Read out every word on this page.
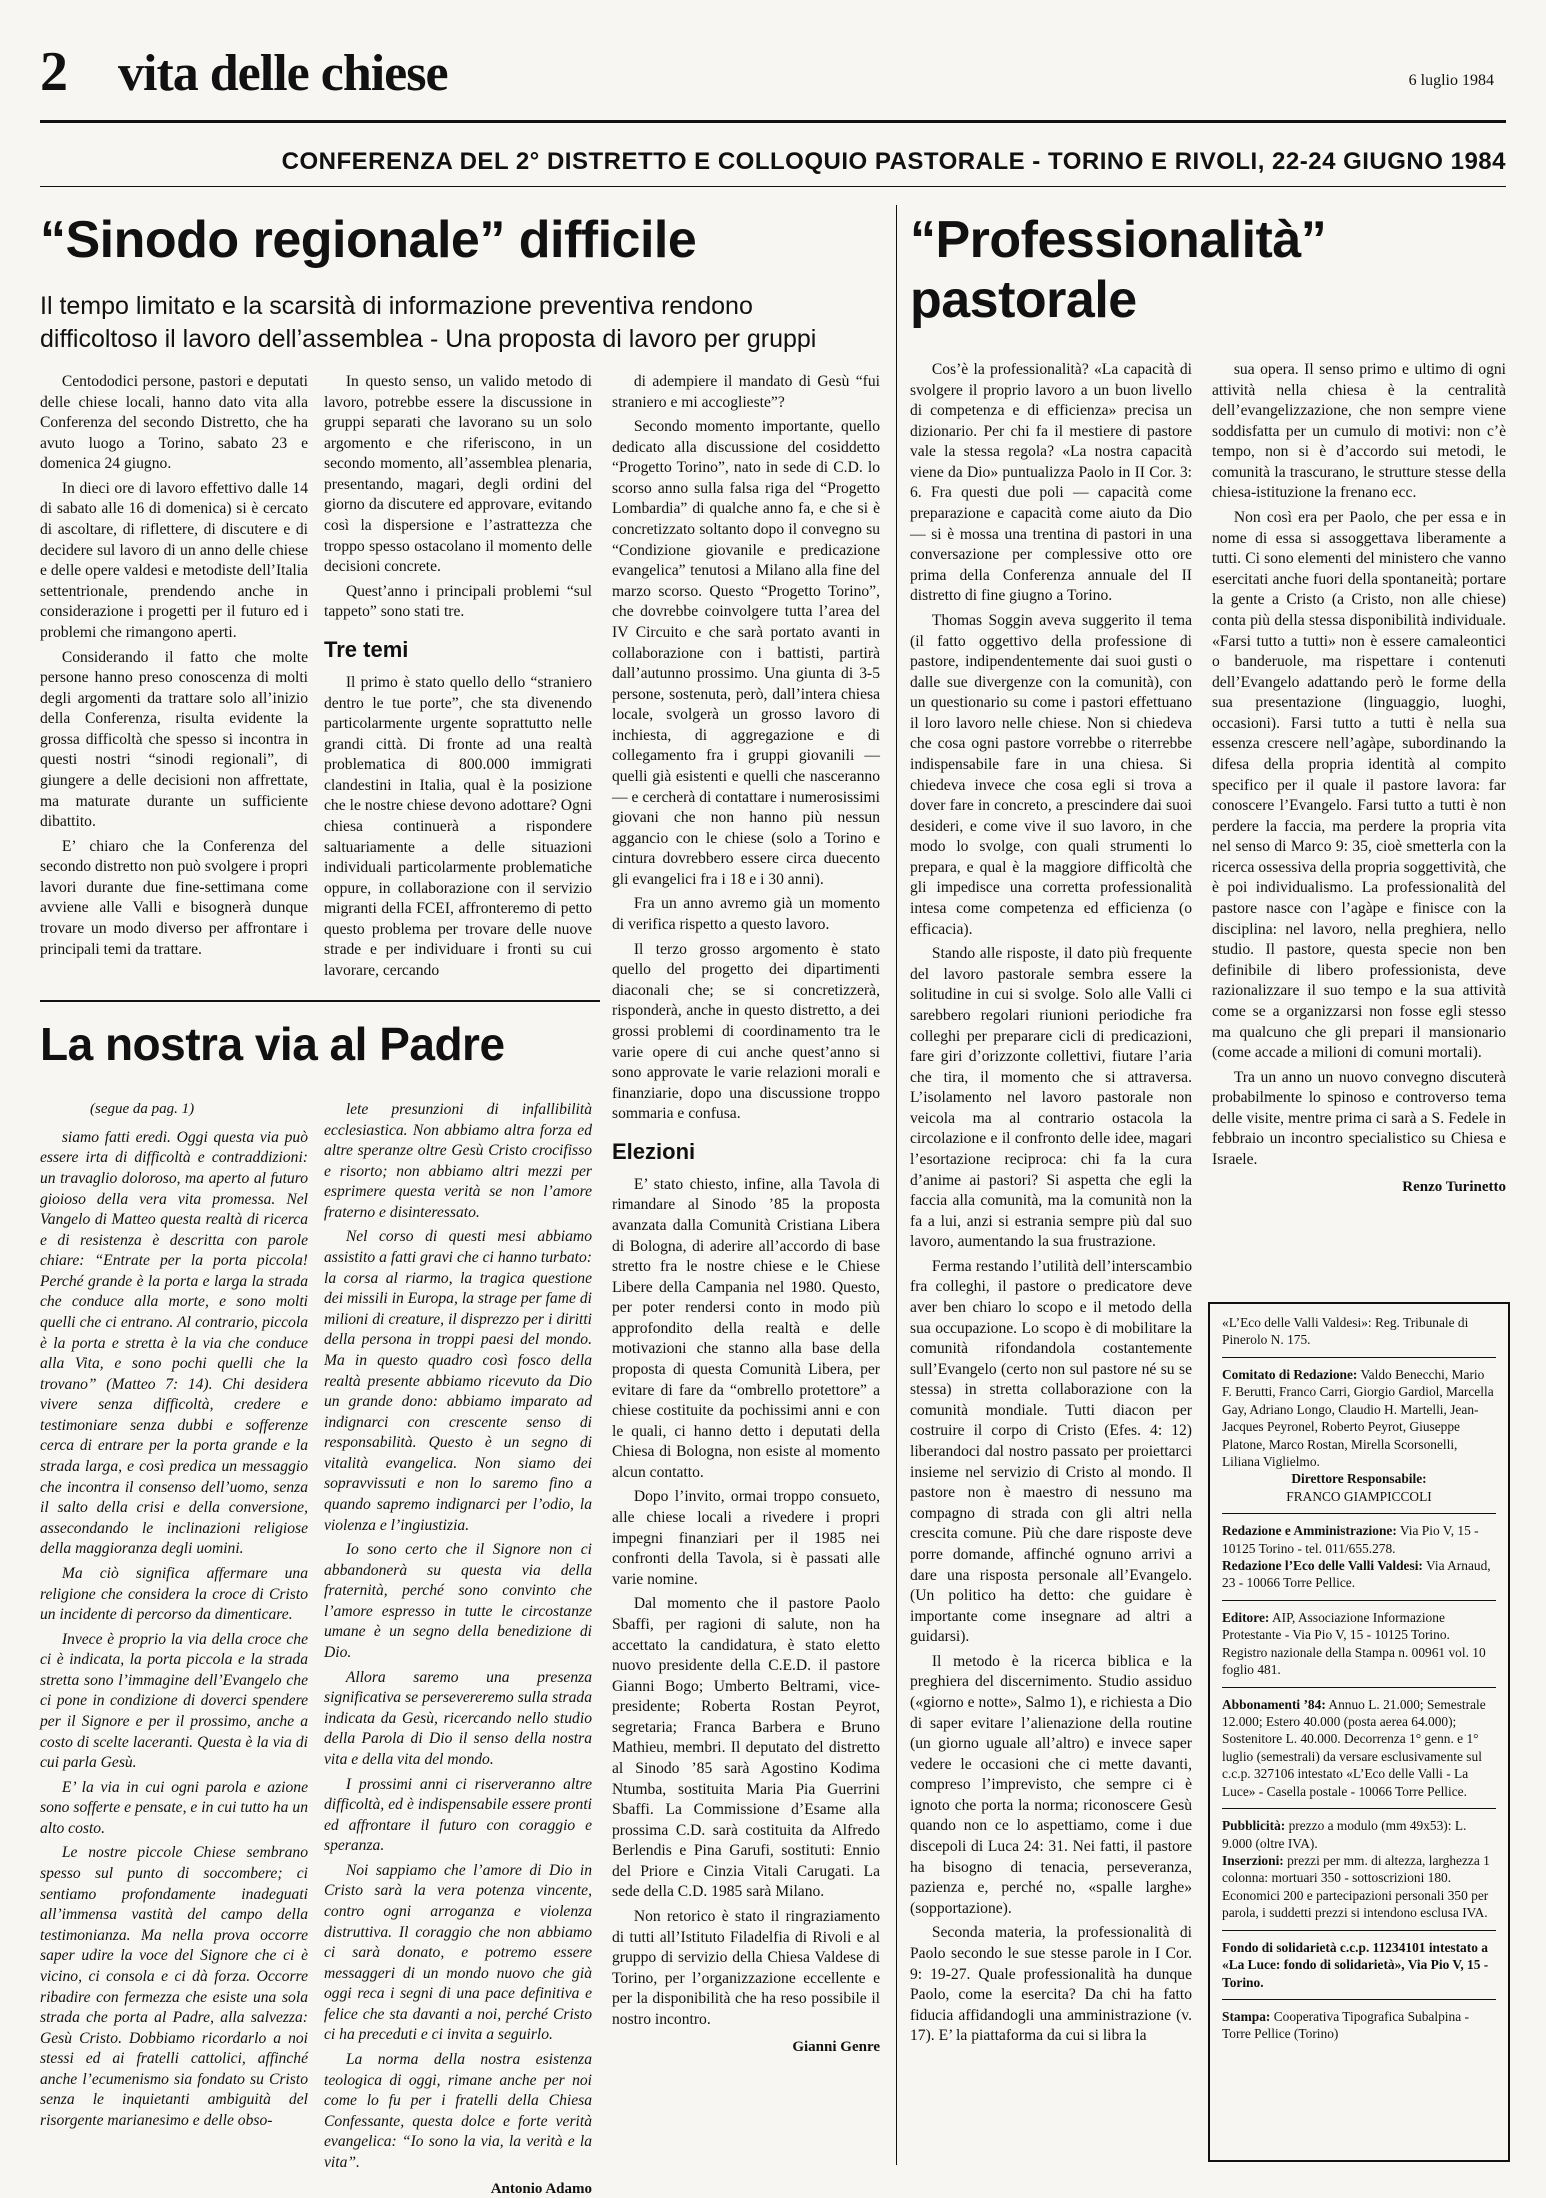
2 vita delle chiese	6 luglio 1984
CONFERENZA DEL 2° DISTRETTO E COLLOQUIO PASTORALE - TORINO E RIVOLI, 22-24 GIUGNO 1984
“Sinodo regionale” difficile
Il tempo limitato e la scarsità di informazione preventiva rendono difficoltoso il lavoro dell’assemblea - Una proposta di lavoro per gruppi

Centododici persone, pastori e deputati delle chiese locali, hanno dato vita alla Conferenza del secondo Distretto, che ha avuto luogo a Torino, sabato 23 e domenica 24 giugno.

In dieci ore di lavoro effettivo dalle 14 di sabato alle 16 di domenica) si è cercato di ascoltare, di riflettere, di discutere e di decidere sul lavoro di un anno delle chiese e delle opere valdesi e metodiste dell’Italia settentrionale, prendendo anche in considerazione i progetti per il futuro ed i problemi che rimangono aperti.

Considerando il fatto che molte persone hanno preso conoscenza di molti degli argomenti da trattare solo all’inizio della Conferenza, risulta evidente la grossa difficoltà che spesso si incontra in questi nostri “sinodi regionali”, di giungere a delle decisioni non affrettate, ma maturate durante un sufficiente dibattito.

E’ chiaro che la Conferenza del secondo distretto non può svolgere i propri lavori durante due fine-settimana come avviene alle Valli e bisognerà dunque trovare un modo diverso per affrontare i principali temi da trattare.

In questo senso, un valido metodo di lavoro, potrebbe essere la discussione in gruppi separati che lavorano su un solo argomento e che riferiscono, in un secondo momento, all’assemblea plenaria, presentando, magari, degli ordini del giorno da discutere ed approvare, evitando così la dispersione e l’astrattezza che troppo spesso ostacolano il momento delle decisioni concrete.

Quest’anno i principali problemi “sul tappeto” sono stati tre.

Tre temi

Il primo è stato quello dello “straniero dentro le tue porte”, che sta divenendo particolarmente urgente soprattutto nelle grandi città. Di fronte ad una realtà problematica di 800.000 immigrati clandestini in Italia, qual è la posizione che le nostre chiese devono adottare? Ogni chiesa continuerà a rispondere saltuariamente a delle situazioni individuali particolarmente problematiche oppure, in collaborazione con il servizio migranti della FCEI, affronteremo di petto questo problema per trovare delle nuove strade e per individuare i fronti su cui lavorare, cercando

di adempiere il mandato di Gesù “fui straniero e mi accoglieste”?

Secondo momento importante, quello dedicato alla discussione del cosiddetto “Progetto Torino”, nato in sede di C.D. lo scorso anno sulla falsa riga del “Progetto Lombardia” di qualche anno fa, e che si è concretizzato soltanto dopo il convegno su “Condizione giovanile e predicazione evangelica” tenutosi a Milano alla fine del marzo scorso. Questo “Progetto Torino”, che dovrebbe coinvolgere tutta l’area del IV Circuito e che sarà portato avanti in collaborazione con i battisti, partirà dall’autunno prossimo. Una giunta di 3-5 persone, sostenuta, però, dall’intera chiesa locale, svolgerà un grosso lavoro di inchiesta, di aggregazione e di collegamento fra i gruppi giovanili — quelli già esistenti e quelli che nasceranno — e cercherà di contattare i numerosissimi giovani che non hanno più nessun aggancio con le chiese (solo a Torino e cintura dovrebbero essere circa duecento gli evangelici fra i 18 e i 30 anni).

Fra un anno avremo già un momento di verifica rispetto a questo lavoro.

Il terzo grosso argomento è stato quello del progetto dei dipartimenti diaconali che; se si concretizzerà, risponderà, anche in questo distretto, a dei grossi problemi di coordinamento tra le varie opere di cui anche quest’anno si sono approvate le varie relazioni morali e finanziarie, dopo una discussione troppo sommaria e confusa.

Elezioni

E’ stato chiesto, infine, alla Tavola di rimandare al Sinodo ’85 la proposta avanzata dalla Comunità Cristiana Libera di Bologna, di aderire all’accordo di base stretto fra le nostre chiese e le Chiese Libere della Campania nel 1980. Questo, per poter rendersi conto in modo più approfondito della realtà e delle motivazioni che stanno alla base della proposta di questa Comunità Libera, per evitare di fare da “ombrello protettore” a chiese costituite da pochissimi anni e con le quali, ci hanno detto i deputati della Chiesa di Bologna, non esiste al momento alcun contatto.

Dopo l’invito, ormai troppo consueto, alle chiese locali a rivedere i propri impegni finanziari per il 1985 nei confronti della Tavola, si è passati alle varie nomine.

Dal momento che il pastore Paolo Sbaffi, per ragioni di salute, non ha accettato la candidatura, è stato eletto nuovo presidente della C.E.D. il pastore Gianni Bogo; Umberto Beltrami, vice-presidente; Roberta Rostan Peyrot, segretaria; Franca Barbera e Bruno Mathieu, membri. Il deputato del distretto al Sinodo ’85 sarà Agostino Kodima Ntumba, sostituita Maria Pia Guerrini Sbaffi. La Commissione d’Esame alla prossima C.D. sarà costituita da Alfredo Berlendis e Pina Garufi, sostituti: Ennio del Priore e Cinzia Vitali Carugati. La sede della C.D. 1985 sarà Milano.

Non retorico è stato il ringraziamento di tutti all’Istituto Filadelfia di Rivoli e al gruppo di servizio della Chiesa Valdese di Torino, per l’organizzazione eccellente e per la disponibilità che ha reso possibile il nostro incontro.

Gianni Genre
La nostra via al Padre
(segue da pag. 1)

siamo fatti eredi. Oggi questa via può essere irta di difficoltà e contraddizioni: un travaglio doloroso, ma aperto al futuro gioioso della vera vita promessa. Nel Vangelo di Matteo questa realtà di ricerca e di resistenza è descritta con parole chiare: “Entrate per la porta piccola! Perché grande è la porta e larga la strada che conduce alla morte, e sono molti quelli che ci entrano. Al contrario, piccola è la porta e stretta è la via che conduce alla Vita, e sono pochi quelli che la trovano” (Matteo 7: 14). Chi desidera vivere senza difficoltà, credere e testimoniare senza dubbi e sofferenze cerca di entrare per la porta grande e la strada larga, e così predica un messaggio che incontra il consenso dell’uomo, senza il salto della crisi e della conversione, assecondando le inclinazioni religiose della maggioranza degli uomini.

Ma ciò significa affermare una religione che considera la croce di Cristo un incidente di percorso da dimenticare.

Invece è proprio la via della croce che ci è indicata, la porta piccola e la strada stretta sono l’immagine dell’Evangelo che ci pone in condizione di doverci spendere per il Signore e per il prossimo, anche a costo di scelte laceranti. Questa è la via di cui parla Gesù.

E’ la via in cui ogni parola e azione sono sofferte e pensate, e in cui tutto ha un alto costo.

Le nostre piccole Chiese sembrano spesso sul punto di soccombere; ci sentiamo profondamente inadeguati all’immensa vastità del campo della testimonianza. Ma nella prova occorre saper udire la voce del Signore che ci è vicino, ci consola e ci dà forza. Occorre ribadire con fermezza che esiste una sola strada che porta al Padre, alla salvezza: Gesù Cristo. Dobbiamo ricordarlo a noi stessi ed ai fratelli cattolici, affinché anche l’ecumenismo sia fondato su Cristo senza le inquietanti ambiguità del risorgente marianesimo e delle obso-

lete presunzioni di infallibilità ecclesiastica. Non abbiamo altra forza ed altre speranze oltre Gesù Cristo crocifisso e risorto; non abbiamo altri mezzi per esprimere questa verità se non l’amore fraterno e disinteressato.

Nel corso di questi mesi abbiamo assistito a fatti gravi che ci hanno turbato: la corsa al riarmo, la tragica questione dei missili in Europa, la strage per fame di milioni di creature, il disprezzo per i diritti della persona in troppi paesi del mondo. Ma in questo quadro così fosco della realtà presente abbiamo ricevuto da Dio un grande dono: abbiamo imparato ad indignarci con crescente senso di responsabilità. Questo è un segno di vitalità evangelica. Non siamo dei sopravvissuti e non lo saremo fino a quando sapremo indignarci per l’odio, la violenza e l’ingiustizia.

Io sono certo che il Signore non ci abbandonerà su questa via della fraternità, perché sono convinto che l’amore espresso in tutte le circostanze umane è un segno della benedizione di Dio.

Allora saremo una presenza significativa se persevereremo sulla strada indicata da Gesù, ricercando nello studio della Parola di Dio il senso della nostra vita e della vita del mondo.

I prossimi anni ci riserveranno altre difficoltà, ed è indispensabile essere pronti ed affrontare il futuro con coraggio e speranza.

Noi sappiamo che l’amore di Dio in Cristo sarà la vera potenza vincente, contro ogni arroganza e violenza distruttiva. Il coraggio che non abbiamo ci sarà donato, e potremo essere messaggeri di un mondo nuovo che già oggi reca i segni di una pace definitiva e felice che sta davanti a noi, perché Cristo ci ha preceduti e ci invita a seguirlo.

La norma della nostra esistenza teologica di oggi, rimane anche per noi come lo fu per i fratelli della Chiesa Confessante, questa dolce e forte verità evangelica: “Io sono la via, la verità e la vita”.

Antonio Adamo
“Professionalità”
pastorale

Cos’è la professionalità? «La capacità di svolgere il proprio lavoro a un buon livello di competenza e di efficienza» precisa un dizionario. Per chi fa il mestiere di pastore vale la stessa regola? «La nostra capacità viene da Dio» puntualizza Paolo in II Cor. 3: 6. Fra questi due poli — capacità come preparazione e capacità come aiuto da Dio — si è mossa una trentina di pastori in una conversazione per complessive otto ore prima della Conferenza annuale del II distretto di fine giugno a Torino.

Thomas Soggin aveva suggerito il tema (il fatto oggettivo della professione di pastore, indipendentemente dai suoi gusti o dalle sue divergenze con la comunità), con un questionario su come i pastori effettuano il loro lavoro nelle chiese. Non si chiedeva che cosa ogni pastore vorrebbe o riterrebbe indispensabile fare in una chiesa. Si chiedeva invece che cosa egli si trova a dover fare in concreto, a prescindere dai suoi desideri, e come vive il suo lavoro, in che modo lo svolge, con quali strumenti lo prepara, e qual è la maggiore difficoltà che gli impedisce una corretta professionalità intesa come competenza ed efficienza (o efficacia).

Stando alle risposte, il dato più frequente del lavoro pastorale sembra essere la solitudine in cui si svolge. Solo alle Valli ci sarebbero regolari riunioni periodiche fra colleghi per preparare cicli di predicazioni, fare giri d’orizzonte collettivi, fiutare l’aria che tira, il momento che si attraversa. L’isolamento nel lavoro pastorale non veicola ma al contrario ostacola la circolazione e il confronto delle idee, magari l’esortazione reciproca: chi fa la cura d’anime ai pastori? Si aspetta che egli la faccia alla comunità, ma la comunità non la fa a lui, anzi si estrania sempre più dal suo lavoro, aumentando la sua frustrazione.

Ferma restando l’utilità dell’interscambio fra colleghi, il pastore o predicatore deve aver ben chiaro lo scopo e il metodo della sua occupazione. Lo scopo è di mobilitare la comunità rifondandola costantemente sull’Evangelo (certo non sul pastore né su se stessa) in stretta collaborazione con la comunità mondiale. Tutti diacon per costruire il corpo di Cristo (Efes. 4: 12) liberandoci dal nostro passato per proiettarci insieme nel servizio di Cristo al mondo. Il pastore non è maestro di nessuno ma compagno di strada con gli altri nella crescita comune. Più che dare risposte deve porre domande, affinché ognuno arrivi a dare una risposta personale all’Evangelo. (Un politico ha detto: che guidare è importante come insegnare ad altri a guidarsi).

Il metodo è la ricerca biblica e la preghiera del discernimento. Studio assiduo («giorno e notte», Salmo 1), e richiesta a Dio di saper evitare l’alienazione della routine (un giorno uguale all’altro) e invece saper vedere le occasioni che ci mette davanti, compreso l’imprevisto, che sempre ci è ignoto che porta la norma; riconoscere Gesù quando non ce lo aspettiamo, come i due discepoli di Luca 24: 31. Nei fatti, il pastore ha bisogno di tenacia, perseveranza, pazienza e, perché no, «spalle larghe» (sopportazione).

Seconda materia, la professionalità di Paolo secondo le sue stesse parole in I Cor. 9: 19-27. Quale professionalità ha dunque Paolo, come la esercita? Da chi ha fatto fiducia affidandogli una amministrazione (v. 17). E’ la piattaforma da cui si libra la

sua opera. Il senso primo e ultimo di ogni attività nella chiesa è la centralità dell’evangelizzazione, che non sempre viene soddisfatta per un cumulo di motivi: non c’è tempo, non si è d’accordo sui metodi, le comunità la trascurano, le strutture stesse della chiesa-istituzione la frenano ecc.

Non così era per Paolo, che per essa e in nome di essa si assoggettava liberamente a tutti. Ci sono elementi del ministero che vanno esercitati anche fuori della spontaneità; portare la gente a Cristo (a Cristo, non alle chiese) conta più della stessa disponibilità individuale. «Farsi tutto a tutti» non è essere camaleontici o banderuole, ma rispettare i contenuti dell’Evangelo adattando però le forme della sua presentazione (linguaggio, luoghi, occasioni). Farsi tutto a tutti è nella sua essenza crescere nell’agàpe, subordinando la difesa della propria identità al compito specifico per il quale il pastore lavora: far conoscere l’Evangelo. Farsi tutto a tutti è non perdere la faccia, ma perdere la propria vita nel senso di Marco 9: 35, cioè smetterla con la ricerca ossessiva della propria soggettività, che è poi individualismo. La professionalità del pastore nasce con l’agàpe e finisce con la disciplina: nel lavoro, nella preghiera, nello studio. Il pastore, questa specie non ben definibile di libero professionista, deve razionalizzare il suo tempo e la sua attività come se a organizzarsi non fosse egli stesso ma qualcuno che gli prepari il mansionario (come accade a milioni di comuni mortali).

Tra un anno un nuovo convegno discuterà probabilmente lo spinoso e controverso tema delle visite, mentre prima ci sarà a S. Fedele in febbraio un incontro specialistico su Chiesa e Israele.

Renzo Turinetto
«L’Eco delle Valli Valdesi»: Reg. Tribunale di Pinerolo N. 175.
Comitato di Redazione: Valdo Benecchi, Mario F. Berutti, Franco Carri, Giorgio Gardiol, Marcella Gay, Adriano Longo, Claudio H. Martelli, Jean-Jacques Peyronel, Roberto Peyrot, Giuseppe Platone, Marco Rostan, Mirella Scorsonelli, Liliana Viglielmo.
Direttore Responsabile:
FRANCO GIAMPICCOLI
Redazione e Amministrazione: Via Pio V, 15 - 10125 Torino - tel. 011/655.278.
Redazione l’Eco delle Valli Valdesi: Via Arnaud, 23 - 10066 Torre Pellice.
Editore: AIP, Associazione Informazione Protestante - Via Pio V, 15 - 10125 Torino. Registro nazionale della Stampa n. 00961 vol. 10 foglio 481.
Abbonamenti ’84: Annuo L. 21.000; Semestrale 12.000; Estero 40.000 (posta aerea 64.000); Sostenitore L. 40.000. Decorrenza 1° genn. e 1° luglio (semestrali) da versare esclusivamente sul c.c.p. 327106 intestato «L’Eco delle Valli - La Luce» - Casella postale - 10066 Torre Pellice.
Pubblicità: prezzo a modulo (mm 49x53): L. 9.000 (oltre IVA).
Inserzioni: prezzi per mm. di altezza, larghezza 1 colonna: mortuari 350 - sottoscrizioni 180. Economici 200 e partecipazioni personali 350 per parola, i suddetti prezzi si intendono esclusa IVA.
Fondo di solidarietà c.c.p. 11234101 intestato a «La Luce: fondo di solidarietà», Via Pio V, 15 - Torino.
Stampa: Cooperativa Tipografica Subalpina - Torre Pellice (Torino)
